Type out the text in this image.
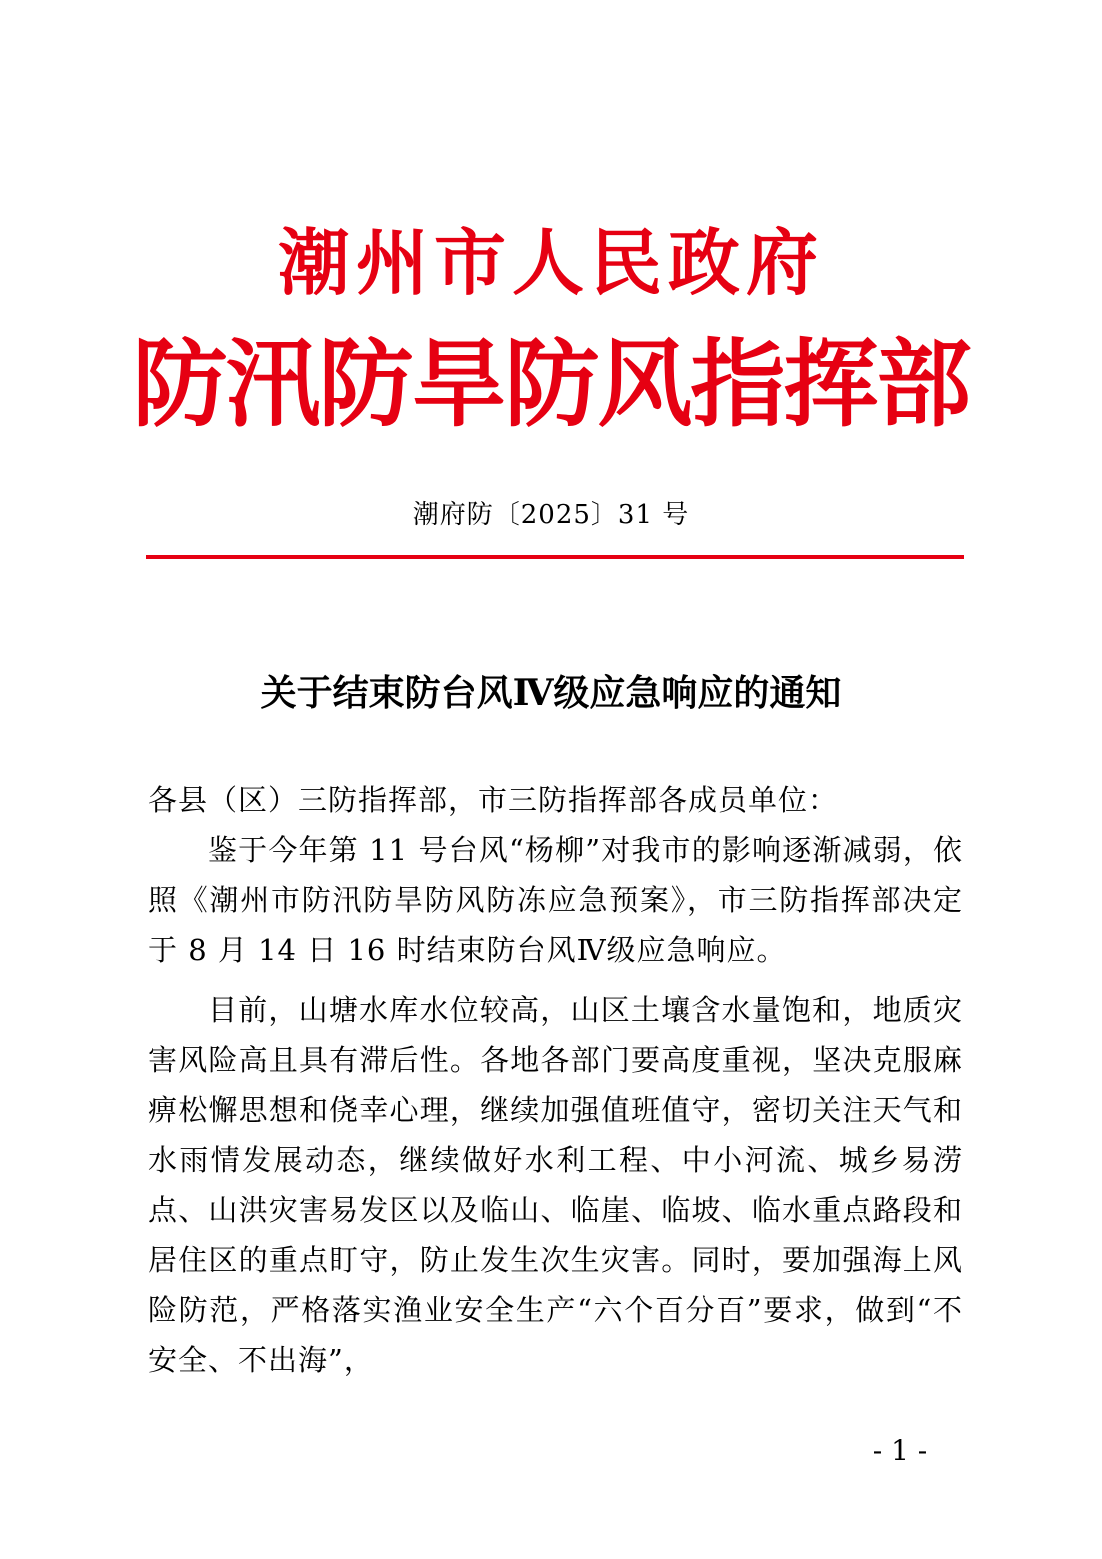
潮州市人民政府
防汛防旱防风指挥部
潮府防〔2025〕31 号
关于结束防台风Ⅳ级应急响应的通知

各县（区）三防指挥部，市三防指挥部各成员单位：

鉴于今年第 11 号台风“杨柳”对我市的影响逐渐减弱，依照《潮州市防汛防旱防风防冻应急预案》，市三防指挥部决定于 8 月 14 日 16 时结束防台风Ⅳ级应急响应。

目前，山塘水库水位较高，山区土壤含水量饱和，地质灾害风险高且具有滞后性。各地各部门要高度重视，坚决克服麻痹松懈思想和侥幸心理，继续加强值班值守，密切关注天气和水雨情发展动态，继续做好水利工程、中小河流、城乡易涝点、山洪灾害易发区以及临山、临崖、临坡、临水重点路段和居住区的重点盯守，防止发生次生灾害。同时，要加强海上风险防范，严格落实渔业安全生产“六个百分百”要求，做到“不安全、不出海”，

- 1 -
